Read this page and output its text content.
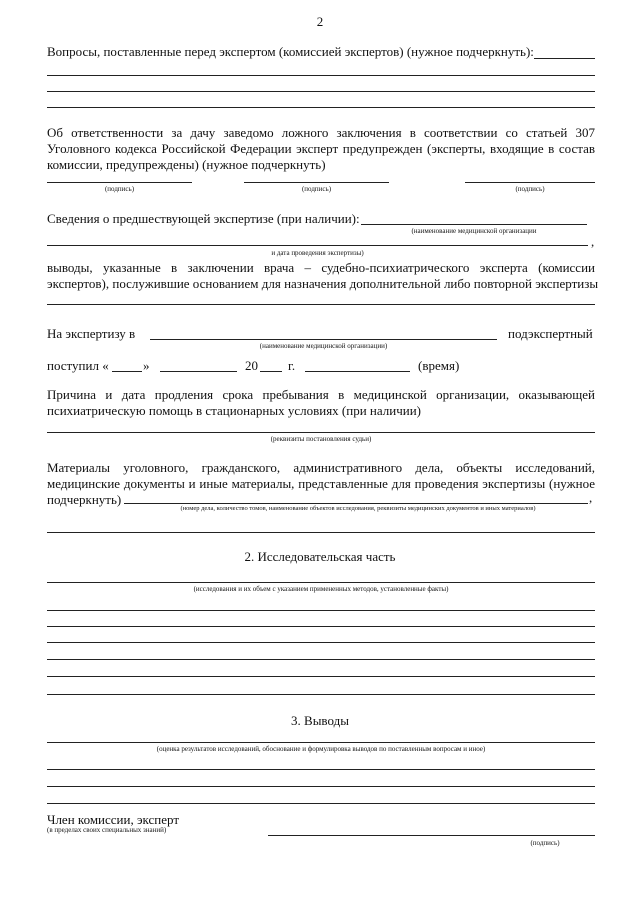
2
Вопросы, поставленные перед экспертом (комиссией экспертов) (нужное подчеркнуть):
Об ответственности за дачу заведомо ложного заключения в соответствии со статьей 307
Уголовного кодекса Российской Федерации эксперт предупрежден (эксперты, входящие в состав
комиссии, предупреждены) (нужное подчеркнуть)
(подпись)	(подпись)	(подпись)
Сведения о предшествующей экспертизе (при наличии):
(наименование медицинской организации
,
и дата проведения экспертизы)
выводы, указанные в заключении врача – судебно-психиатрического эксперта (комиссии
экспертов), послужившие основанием для назначения дополнительной либо повторной экспертизы
На экспертизу в
(наименование медицинской организации)
подэкспертный
поступил «	»	20 г.	(время)
Причина и дата продления срока пребывания в медицинской организации, оказывающей
психиатрическую помощь в стационарных условиях (при наличии)
(реквизиты постановления судьи)
Материалы уголовного, гражданского, административного дела, объекты исследований,
медицинские документы и иные материалы, представленные для проведения экспертизы (нужное
подчеркнуть)	,
(номер дела, количество томов, наименование объектов исследования, реквизиты медицинских документов и иных материалов)
2. Исследовательская часть
(исследования и их объем с указанием примененных методов, установленные факты)
3. Выводы
(оценка результатов исследований, обоснование и формулировка выводов по поставленным вопросам и иное)
Член комиссии, эксперт
(в пределах своих специальных знаний)
(подпись)
